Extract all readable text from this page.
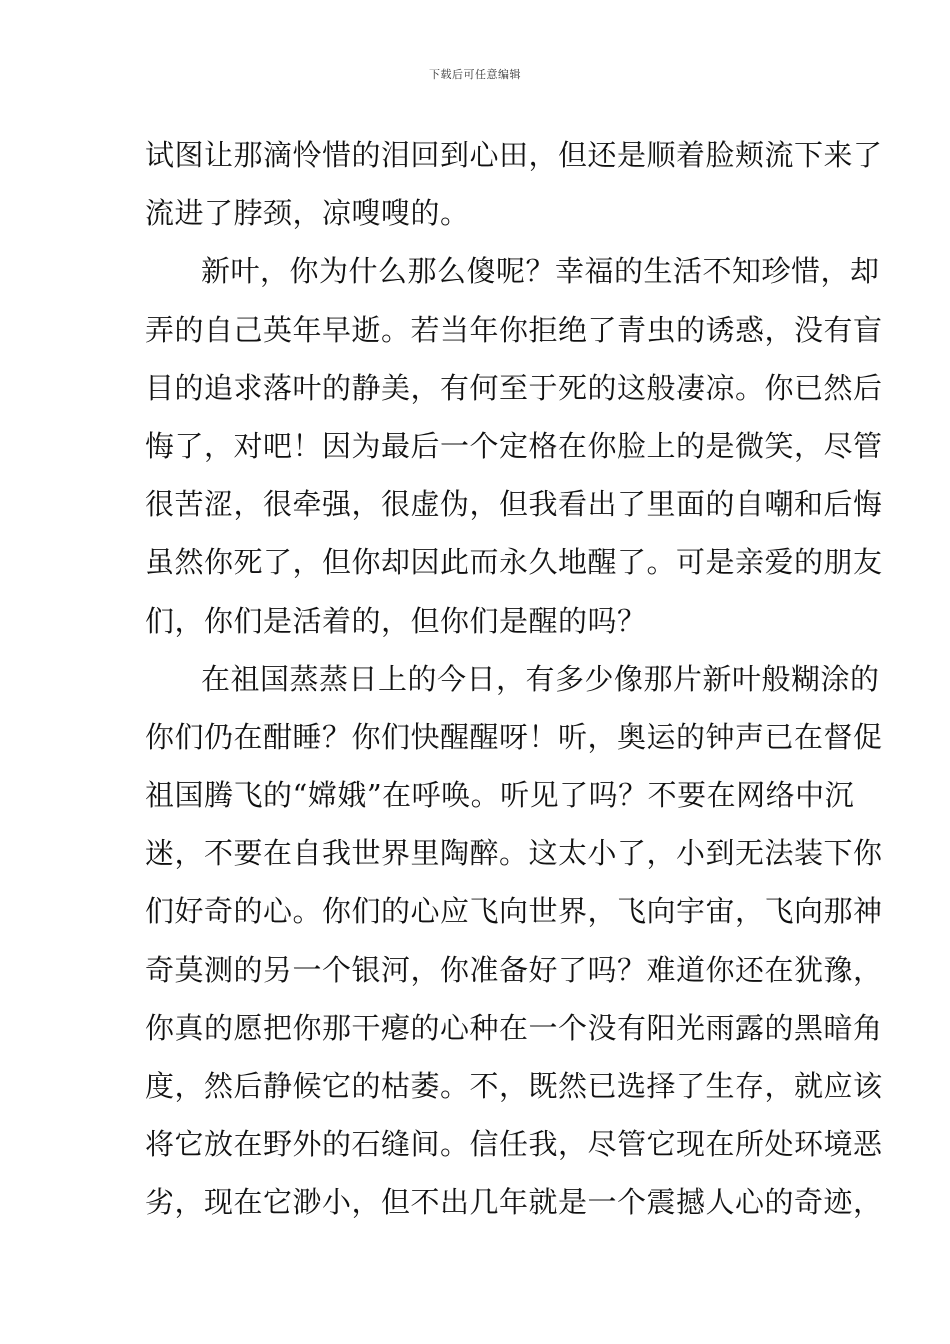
下载后可任意编辑
试图让那滴怜惜的泪回到心田，但还是顺着脸颊流下来了
流进了脖颈，凉嗖嗖的。
新叶，你为什么那么傻呢？幸福的生活不知珍惜，却
弄的自己英年早逝。若当年你拒绝了青虫的诱惑，没有盲
目的追求落叶的静美，有何至于死的这般凄凉。你已然后
悔了，对吧！因为最后一个定格在你脸上的是微笑，尽管
很苦涩，很牵强，很虚伪，但我看出了里面的自嘲和后悔
虽然你死了，但你却因此而永久地醒了。可是亲爱的朋友
们，你们是活着的，但你们是醒的吗？
在祖国蒸蒸日上的今日，有多少像那片新叶般糊涂的
你们仍在酣睡？你们快醒醒呀！听，奥运的钟声已在督促
祖国腾飞的“嫦娥”在呼唤。听见了吗？不要在网络中沉
迷，不要在自我世界里陶醉。这太小了，小到无法装下你
们好奇的心。你们的心应飞向世界，飞向宇宙，飞向那神
奇莫测的另一个银河，你准备好了吗？难道你还在犹豫，
你真的愿把你那干瘪的心种在一个没有阳光雨露的黑暗角
度，然后静候它的枯萎。不，既然已选择了生存，就应该
将它放在野外的石缝间。信任我，尽管它现在所处环境恶
劣，现在它渺小，但不出几年就是一个震撼人心的奇迹，
